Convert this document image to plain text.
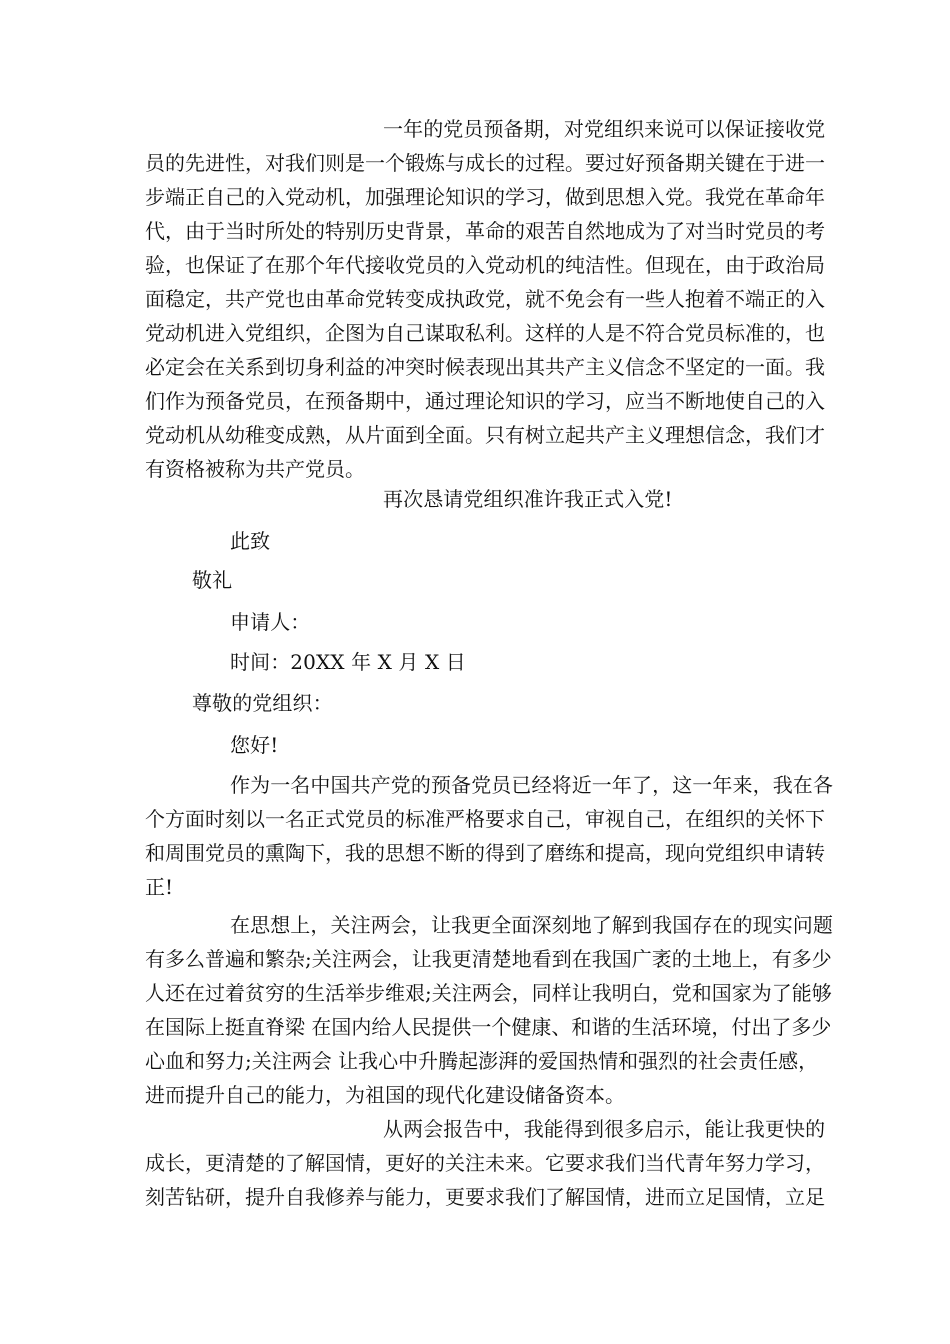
一年的党员预备期，对党组织来说可以保证接收党
员的先进性，对我们则是一个锻炼与成长的过程。要过好预备期关键在于进一
步端正自己的入党动机，加强理论知识的学习，做到思想入党。我党在革命年
代，由于当时所处的特别历史背景，革命的艰苦自然地成为了对当时党员的考
验，也保证了在那个年代接收党员的入党动机的纯洁性。但现在，由于政治局
面稳定，共产党也由革命党转变成执政党，就不免会有一些人抱着不端正的入
党动机进入党组织，企图为自己谋取私利。这样的人是不符合党员标准的，也
必定会在关系到切身利益的冲突时候表现出其共产主义信念不坚定的一面。我
们作为预备党员，在预备期中，通过理论知识的学习，应当不断地使自己的入
党动机从幼稚变成熟，从片面到全面。只有树立起共产主义理想信念，我们才
有资格被称为共产党员。
再次恳请党组织准许我正式入党!
此致
敬礼
申请人：
时间：20XX 年 X 月 X 日
尊敬的党组织：
您好!
作为一名中国共产党的预备党员已经将近一年了，这一年来，我在各
个方面时刻以一名正式党员的标准严格要求自己，审视自己，在组织的关怀下
和周围党员的熏陶下，我的思想不断的得到了磨练和提高，现向党组织申请转
正!
在思想上，关注两会，让我更全面深刻地了解到我国存在的现实问题
有多么普遍和繁杂;关注两会，让我更清楚地看到在我国广袤的土地上，有多少
人还在过着贫穷的生活举步维艰;关注两会，同样让我明白，党和国家为了能够
在国际上挺直脊梁 在国内给人民提供一个健康、和谐的生活环境，付出了多少
心血和努力;关注两会 让我心中升腾起澎湃的爱国热情和强烈的社会责任感，
进而提升自己的能力，为祖国的现代化建设储备资本。
从两会报告中，我能得到很多启示，能让我更快的
成长，更清楚的了解国情，更好的关注未来。它要求我们当代青年努力学习，
刻苦钻研，提升自我修养与能力，更要求我们了解国情，进而立足国情，立足
